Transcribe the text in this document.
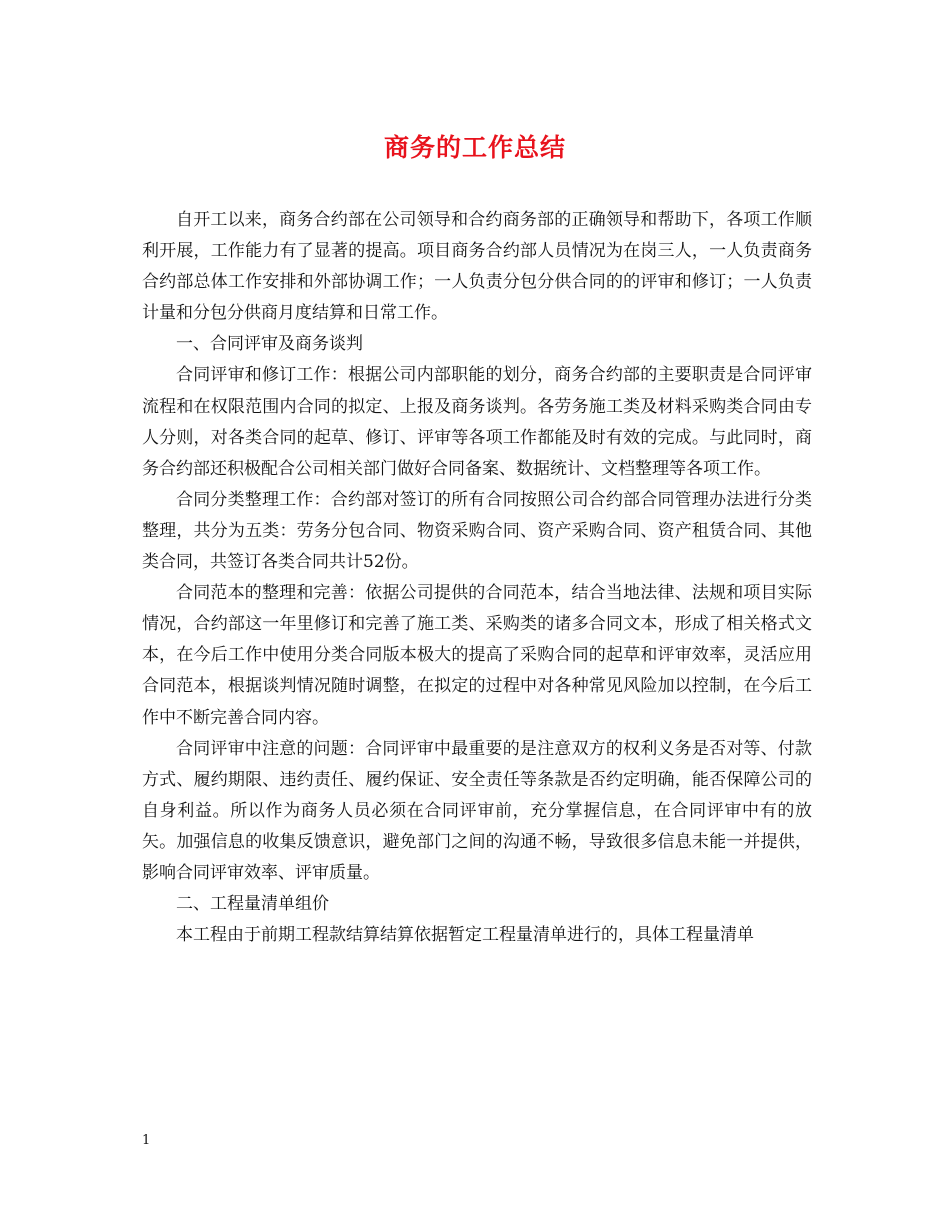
商务的工作总结

自开工以来，商务合约部在公司领导和合约商务部的正确领导和帮助下，各项工作顺利开展，工作能力有了显著的提高。项目商务合约部人员情况为在岗三人，一人负责商务合约部总体工作安排和外部协调工作；一人负责分包分供合同的的评审和修订；一人负责计量和分包分供商月度结算和日常工作。

一、合同评审及商务谈判

合同评审和修订工作：根据公司内部职能的划分，商务合约部的主要职责是合同评审流程和在权限范围内合同的拟定、上报及商务谈判。各劳务施工类及材料采购类合同由专人分则，对各类合同的起草、修订、评审等各项工作都能及时有效的完成。与此同时，商务合约部还积极配合公司相关部门做好合同备案、数据统计、文档整理等各项工作。

合同分类整理工作：合约部对签订的所有合同按照公司合约部合同管理办法进行分类整理，共分为五类：劳务分包合同、物资采购合同、资产采购合同、资产租赁合同、其他类合同，共签订各类合同共计52份。

合同范本的整理和完善：依据公司提供的合同范本，结合当地法律、法规和项目实际情况，合约部这一年里修订和完善了施工类、采购类的诸多合同文本，形成了相关格式文本，在今后工作中使用分类合同版本极大的提高了采购合同的起草和评审效率，灵活应用合同范本，根据谈判情况随时调整，在拟定的过程中对各种常见风险加以控制，在今后工作中不断完善合同内容。

合同评审中注意的问题：合同评审中最重要的是注意双方的权利义务是否对等、付款方式、履约期限、违约责任、履约保证、安全责任等条款是否约定明确，能否保障公司的自身利益。所以作为商务人员必须在合同评审前，充分掌握信息，在合同评审中有的放矢。加强信息的收集反馈意识，避免部门之间的沟通不畅，导致很多信息未能一并提供，影响合同评审效率、评审质量。

二、工程量清单组价

本工程由于前期工程款结算结算依据暂定工程量清单进行的，具体工程量清单

1
